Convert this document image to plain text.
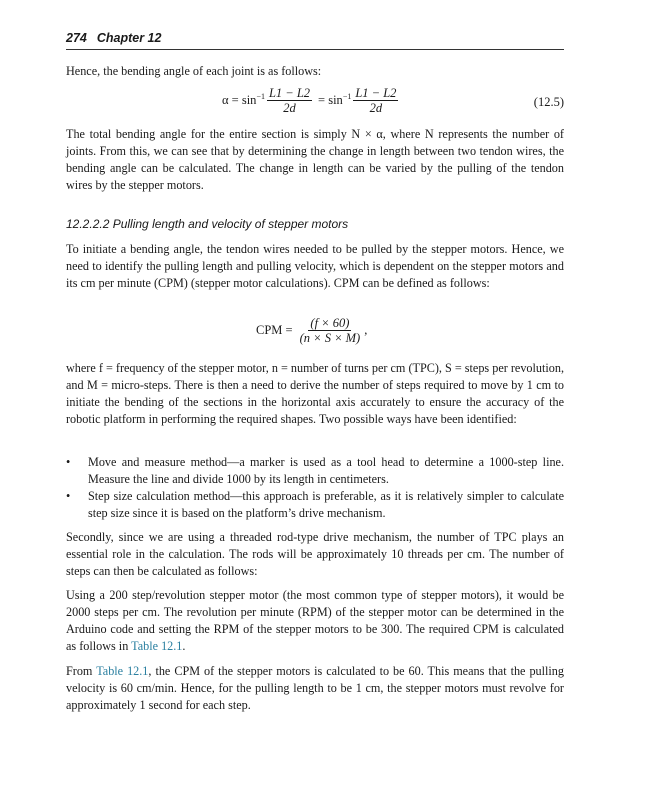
274 Chapter 12

Hence, the bending angle of each joint is as follows:

$\alpha = \sin^{-1} \frac{L1 - L2}{2d} = \sin^{-1} \frac{L1 - L2}{2d}$	(12.5)

The total bending angle for the entire section is simply N × α, where N represents the number of joints. From this, we can see that by determining the change in length between two tendon wires, the bending angle can be calculated. The change in length can be varied by the pulling of the tendon wires by the stepper motors.

12.2.2.2 Pulling length and velocity of stepper motors

To initiate a bending angle, the tendon wires needed to be pulled by the stepper motors. Hence, we need to identify the pulling length and pulling velocity, which is dependent on the stepper motors and its cm per minute (CPM) (stepper motor calculations). CPM can be defined as follows:

CPM = $\frac{(f \times 60)}{(n \times S \times M)}$ ,

where f = frequency of the stepper motor, n = number of turns per cm (TPC), S = steps per revolution, and M = micro-steps. There is then a need to derive the number of steps required to move by 1 cm to initiate the bending of the sections in the horizontal axis accurately to ensure the accuracy of the robotic platform in performing the required shapes. Two possible ways have been identified:

• Move and measure method—a marker is used as a tool head to determine a 1000-step line. Measure the line and divide 1000 by its length in centimeters.
• Step size calculation method—this approach is preferable, as it is relatively simpler to calculate step size since it is based on the platform’s drive mechanism.

Secondly, since we are using a threaded rod-type drive mechanism, the number of TPC plays an essential role in the calculation. The rods will be approximately 10 threads per cm. The number of steps can then be calculated as follows:

Using a 200 step/revolution stepper motor (the most common type of stepper motors), it would be 2000 steps per cm. The revolution per minute (RPM) of the stepper motor can be determined in the Arduino code and setting the RPM of the stepper motors to be 300. The required CPM is calculated as follows in Table 12.1.

From Table 12.1, the CPM of the stepper motors is calculated to be 60. This means that the pulling velocity is 60 cm/min. Hence, for the pulling length to be 1 cm, the stepper motors must revolve for approximately 1 second for each step.
